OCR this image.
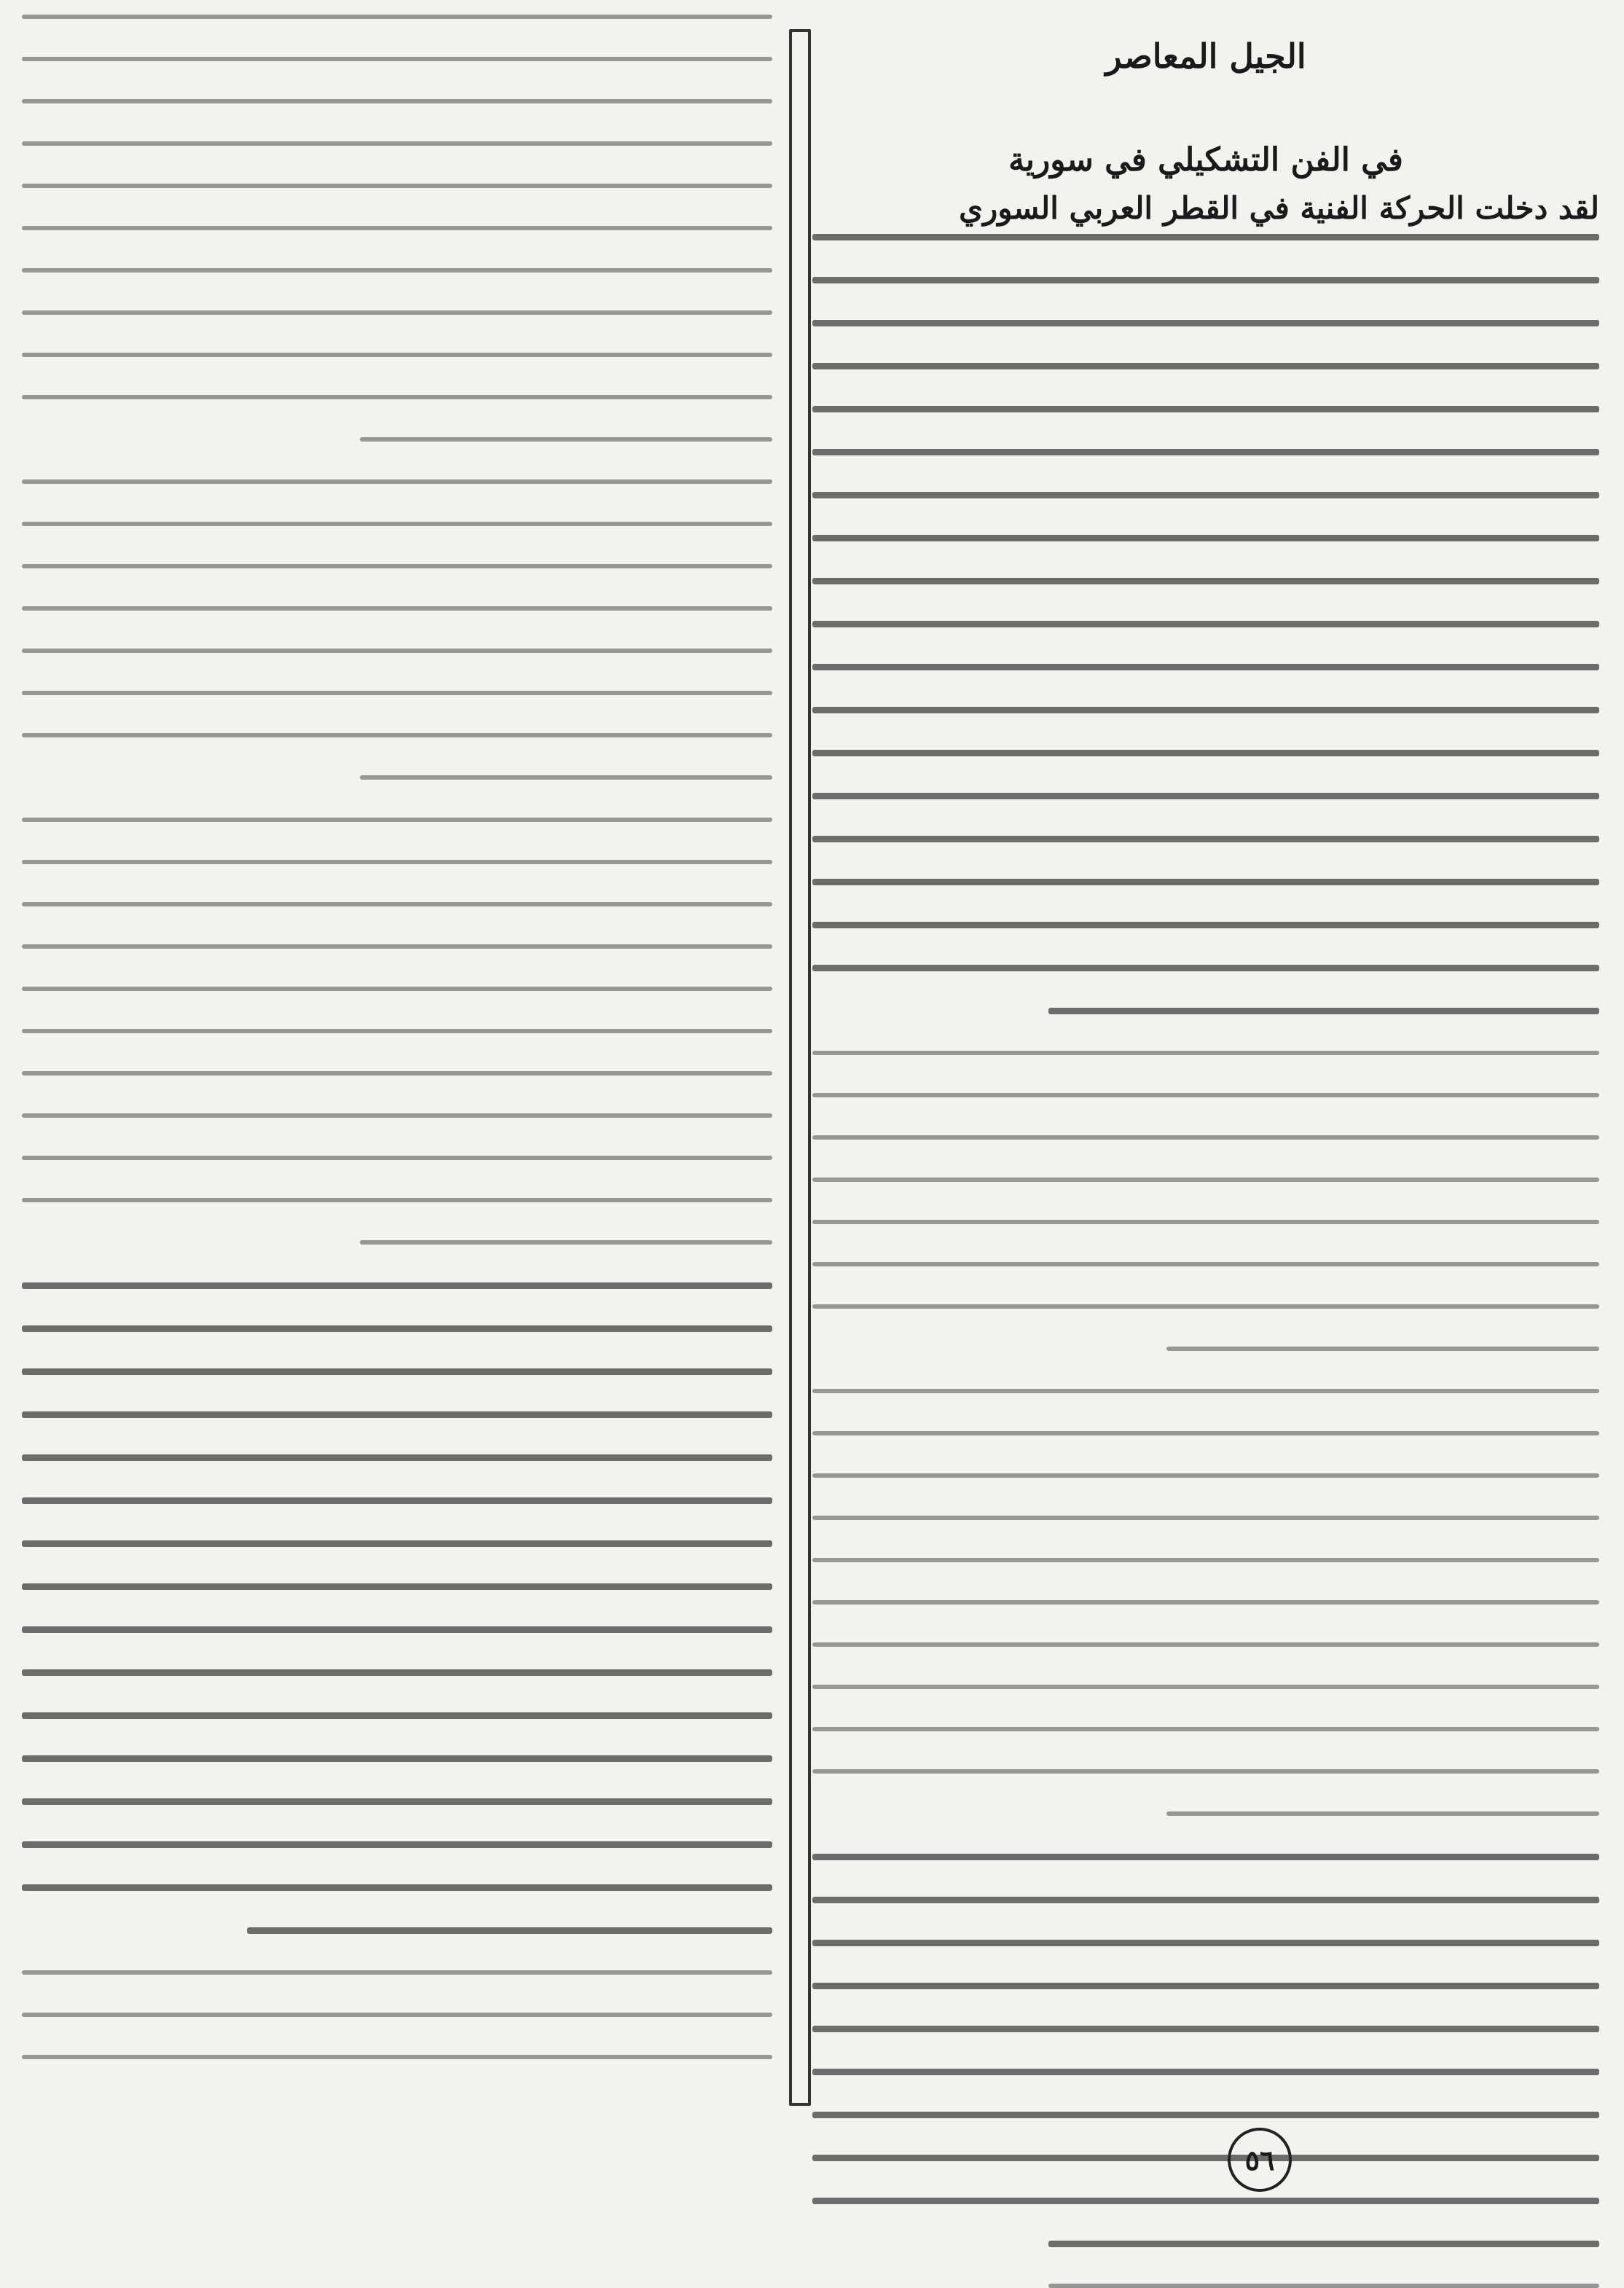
الجيل المعاصر
في الفن التشكيلي في سورية
لقد دخلت الحركة الفنية في القطر العربي السوري
٥٦
